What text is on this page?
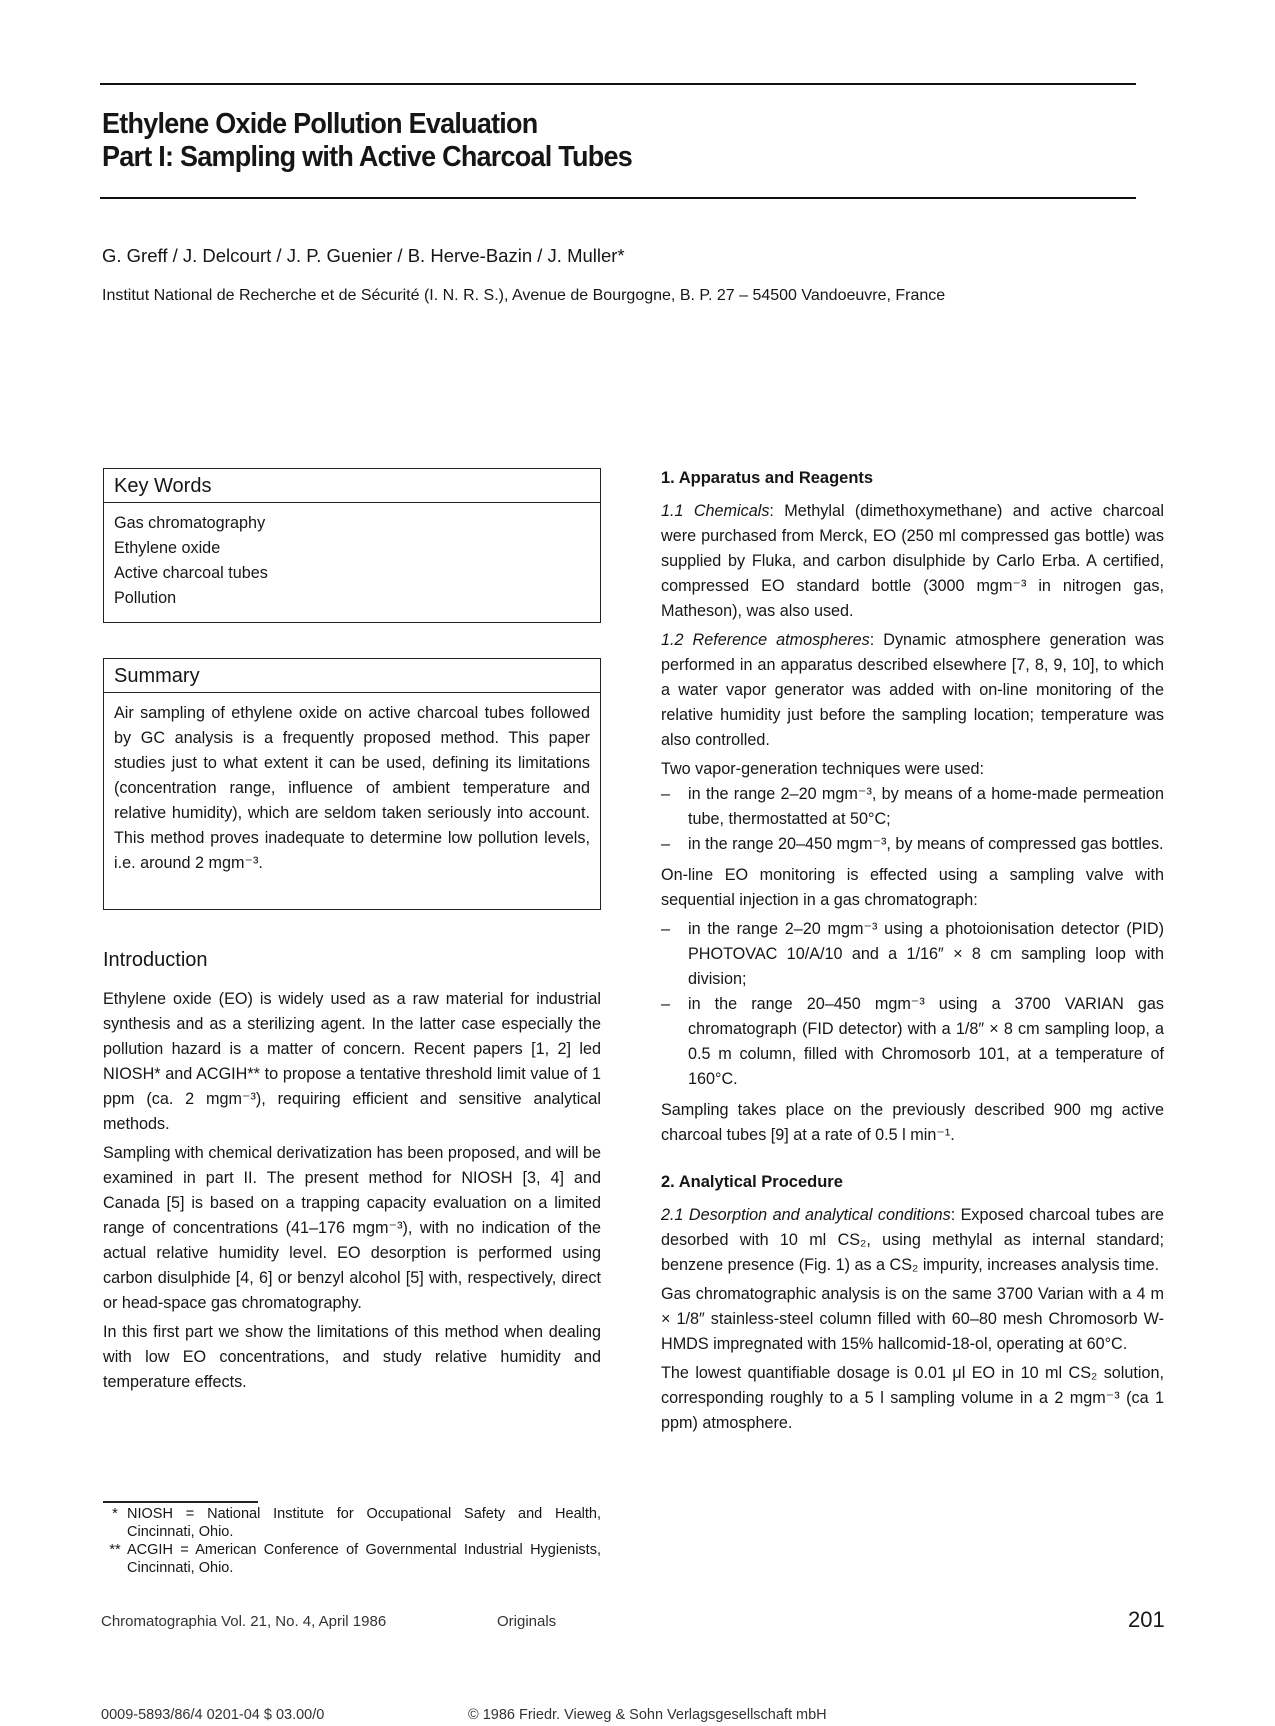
Ethylene Oxide Pollution Evaluation
Part I: Sampling with Active Charcoal Tubes
G. Greff / J. Delcourt / J. P. Guenier / B. Herve-Bazin / J. Muller*
Institut National de Recherche et de Sécurité (I. N. R. S.), Avenue de Bourgogne, B. P. 27 – 54500 Vandoeuvre, France
Key Words
Gas chromatography
Ethylene oxide
Active charcoal tubes
Pollution
Summary

Air sampling of ethylene oxide on active charcoal tubes followed by GC analysis is a frequently proposed method. This paper studies just to what extent it can be used, defining its limitations (concentration range, influence of ambient temperature and relative humidity), which are seldom taken seriously into account. This method proves inadequate to determine low pollution levels, i.e. around 2 mgm⁻³.

Introduction

Ethylene oxide (EO) is widely used as a raw material for industrial synthesis and as a sterilizing agent. In the latter case especially the pollution hazard is a matter of concern. Recent papers [1, 2] led NIOSH* and ACGIH** to propose a tentative threshold limit value of 1 ppm (ca. 2 mgm⁻³), requiring efficient and sensitive analytical methods.

Sampling with chemical derivatization has been proposed, and will be examined in part II. The present method for NIOSH [3, 4] and Canada [5] is based on a trapping capacity evaluation on a limited range of concentrations (41–176 mgm⁻³), with no indication of the actual relative humidity level. EO desorption is performed using carbon disulphide [4, 6] or benzyl alcohol [5] with, respectively, direct or head-space gas chromatography.

In this first part we show the limitations of this method when dealing with low EO concentrations, and study relative humidity and temperature effects.

* NIOSH = National Institute for Occupational Safety and Health, Cincinnati, Ohio.
** ACGIH = American Conference of Governmental Industrial Hygienists, Cincinnati, Ohio.
1. Apparatus and Reagents

1.1 Chemicals: Methylal (dimethoxymethane) and active charcoal were purchased from Merck, EO (250 ml compressed gas bottle) was supplied by Fluka, and carbon disulphide by Carlo Erba. A certified, compressed EO standard bottle (3000 mgm⁻³ in nitrogen gas, Matheson), was also used.

1.2 Reference atmospheres: Dynamic atmosphere generation was performed in an apparatus described elsewhere [7, 8, 9, 10], to which a water vapor generator was added with on-line monitoring of the relative humidity just before the sampling location; temperature was also controlled.

Two vapor-generation techniques were used:

–	in the range 2–20 mgm⁻³, by means of a home-made permeation tube, thermostatted at 50°C;
–	in the range 20–450 mgm⁻³, by means of compressed gas bottles.

On-line EO monitoring is effected using a sampling valve with sequential injection in a gas chromatograph:

–	in the range 2–20 mgm⁻³ using a photoionisation detector (PID) PHOTOVAC 10/A/10 and a 1/16″ × 8 cm sampling loop with division;
–	in the range 20–450 mgm⁻³ using a 3700 VARIAN gas chromatograph (FID detector) with a 1/8″ × 8 cm sampling loop, a 0.5 m column, filled with Chromosorb 101, at a temperature of 160°C.

Sampling takes place on the previously described 900 mg active charcoal tubes [9] at a rate of 0.5 l min⁻¹.

2. Analytical Procedure

2.1 Desorption and analytical conditions: Exposed charcoal tubes are desorbed with 10 ml CS₂, using methylal as internal standard; benzene presence (Fig. 1) as a CS₂ impurity, increases analysis time.

Gas chromatographic analysis is on the same 3700 Varian with a 4 m × 1/8″ stainless-steel column filled with 60–80 mesh Chromosorb W-HMDS impregnated with 15% hallcomid-18-ol, operating at 60°C.

The lowest quantifiable dosage is 0.01 μl EO in 10 ml CS₂ solution, corresponding roughly to a 5 l sampling volume in a 2 mgm⁻³ (ca 1 ppm) atmosphere.

Chromatographia Vol. 21, No. 4, April 1986	Originals	201
0009-5893/86/4 0201-04 $ 03.00/0	© 1986 Friedr. Vieweg & Sohn Verlagsgesellschaft mbH
